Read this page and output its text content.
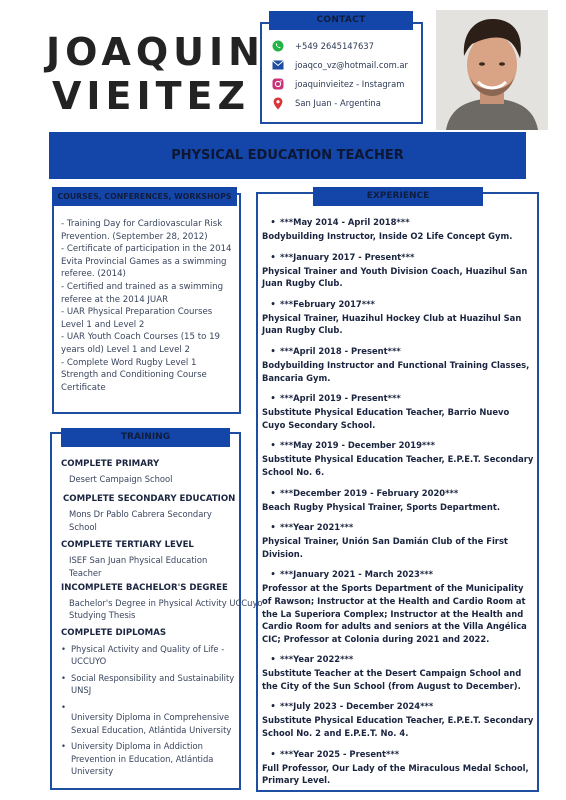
JOAQUIN
VIEITEZ
CONTACT
+549 2645147637
joaqco_vz@hotmail.com.ar
joaquinvieitez - Instagram
San Juan - Argentina
PHYSICAL EDUCATION TEACHER
COURSES, CONFERENCES, WORKSHOPS

- Training Day for Cardiovascular Risk Prevention. (September 28, 2012)

- Certificate of participation in the 2014 Evita Provincial Games as a swimming referee. (2014)

- Certified and trained as a swimming referee at the 2014 JUAR

- UAR Physical Preparation Courses Level 1 and Level 2

- UAR Youth Coach Courses (15 to 19 years old) Level 1 and Level 2

- Complete Word Rugby Level 1 Strength and Conditioning Course Certificate

TRAINING
COMPLETE PRIMARY
Desert Campaign School
COMPLETE SECONDARY EDUCATION
Mons Dr Pablo Cabrera Secondary School
COMPLETE TERTIARY LEVEL
ISEF San Juan Physical Education Teacher
INCOMPLETE BACHELOR'S DEGREE
Bachelor's Degree in Physical Activity UCCuyo Studying Thesis
COMPLETE DIPLOMAS
• Physical Activity and Quality of Life - UCCUYO
• Social Responsibility and Sustainability UNSJ
•
University Diploma in Comprehensive Sexual Education, Atlántida University
• University Diploma in Addiction Prevention in Education, Atlántida University
EXPERIENCE
• ***May 2014 - April 2018***
Bodybuilding Instructor, Inside O2 Life Concept Gym.
• ***January 2017 - Present***
Physical Trainer and Youth Division Coach, Huazihul San Juan Rugby Club.
• ***February 2017***
Physical Trainer, Huazihul Hockey Club at Huazihul San Juan Rugby Club.
• ***April 2018 - Present***
Bodybuilding Instructor and Functional Training Classes, Bancaria Gym.
• ***April 2019 - Present***
Substitute Physical Education Teacher, Barrio Nuevo Cuyo Secondary School.
• ***May 2019 - December 2019***
Substitute Physical Education Teacher, E.P.E.T. Secondary School No. 6.
• ***December 2019 - February 2020***
Beach Rugby Physical Trainer, Sports Department.
• ***Year 2021***
Physical Trainer, Unión San Damián Club of the First Division.
• ***January 2021 - March 2023***
Professor at the Sports Department of the Municipality of Rawson; Instructor at the Health and Cardio Room at the La Superiora Complex; Instructor at the Health and Cardio Room for adults and seniors at the Villa Angélica CIC; Professor at Colonia during 2021 and 2022.
• ***Year 2022***
Substitute Teacher at the Desert Campaign School and the City of the Sun School (from August to December).
• ***July 2023 - December 2024***
Substitute Physical Education Teacher, E.P.E.T. Secondary School No. 2 and E.P.E.T. No. 4.
• ***Year 2025 - Present***
Full Professor, Our Lady of the Miraculous Medal School, Primary Level.
